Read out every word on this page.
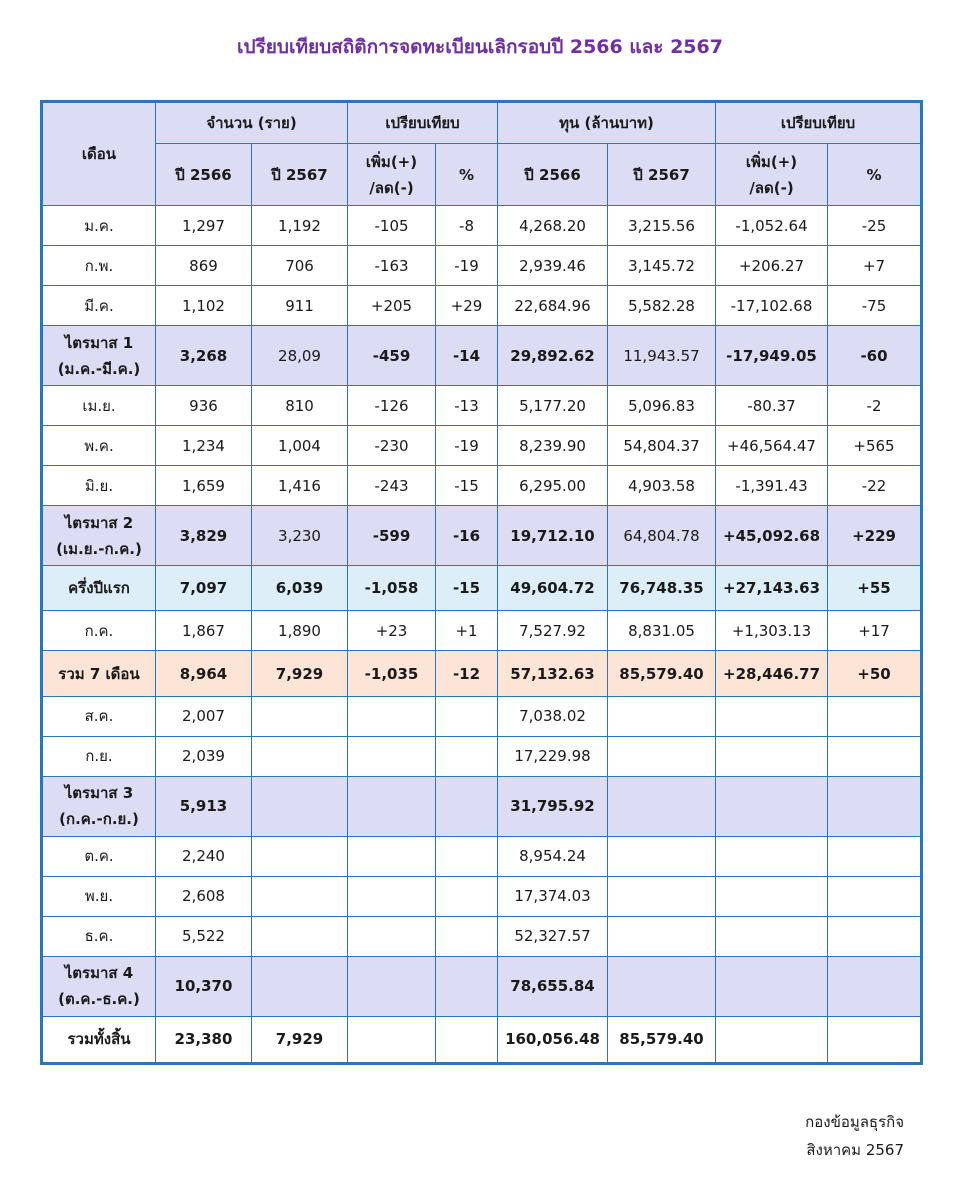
เปรียบเทียบสถิติการจดทะเบียนเลิกรอบปี 2566 และ 2567
เดือน	จำนวน (ราย)		เปรียบเทียบ		ทุน (ล้านบาท)		เปรียบเทียบ	
	ปี 2566	ปี 2567	เพิ่ม(+)
/ลด(-)	%	ปี 2566	ปี 2567	เพิ่ม(+)
/ลด(-)	%
ม.ค.	1,297	1,192	-105	-8	4,268.20	3,215.56	-1,052.64	-25
ก.พ.	869	706	-163	-19	2,939.46	3,145.72	+206.27	+7
มี.ค.	1,102	911	+205	+29	22,684.96	5,582.28	-17,102.68	-75
ไตรมาส 1
(ม.ค.-มี.ค.)	3,268	28,09	-459	-14	29,892.62	11,943.57	-17,949.05	-60
เม.ย.	936	810	-126	-13	5,177.20	5,096.83	-80.37	-2
พ.ค.	1,234	1,004	-230	-19	8,239.90	54,804.37	+46,564.47	+565
มิ.ย.	1,659	1,416	-243	-15	6,295.00	4,903.58	-1,391.43	-22
ไตรมาส 2
(เม.ย.-ก.ค.)	3,829	3,230	-599	-16	19,712.10	64,804.78	+45,092.68	+229
ครึ่งปีแรก	7,097	6,039	-1,058	-15	49,604.72	76,748.35	+27,143.63	+55
ก.ค.	1,867	1,890	+23	+1	7,527.92	8,831.05	+1,303.13	+17
รวม 7 เดือน	8,964	7,929	-1,035	-12	57,132.63	85,579.40	+28,446.77	+50
ส.ค.	2,007				7,038.02			
ก.ย.	2,039				17,229.98			
ไตรมาส 3
(ก.ค.-ก.ย.)	5,913				31,795.92			
ต.ค.	2,240				8,954.24			
พ.ย.	2,608				17,374.03			
ธ.ค.	5,522				52,327.57			
ไตรมาส 4
(ต.ค.-ธ.ค.)	10,370				78,655.84			
รวมทั้งสิ้น	23,380	7,929			160,056.48	85,579.40		
กองข้อมูลธุรกิจ
สิงหาคม 2567
